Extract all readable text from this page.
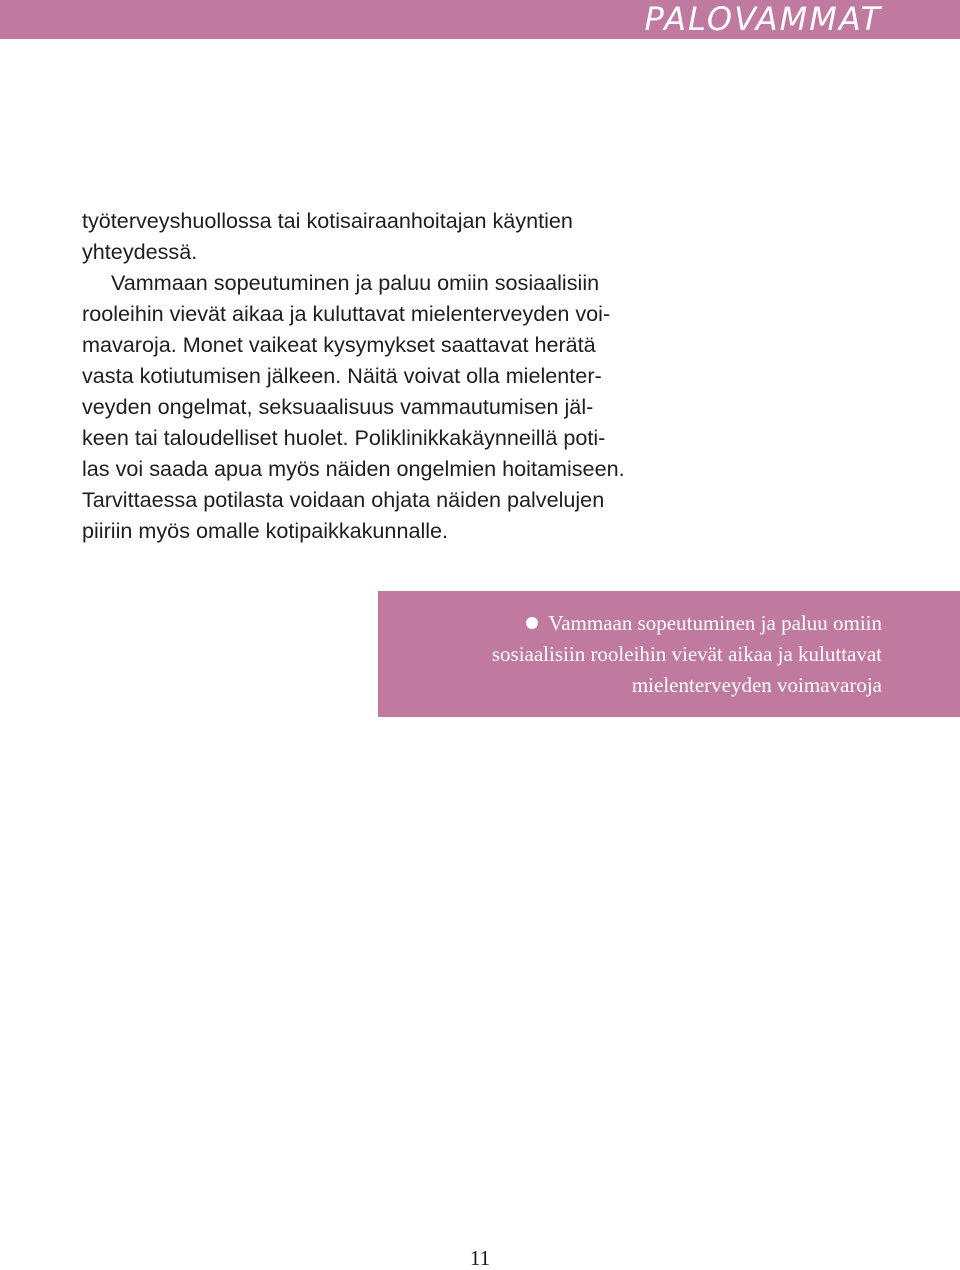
PALOVAMMAT
työterveyshuollossa tai kotisairaanhoitajan käyntien
yhteydessä.
Vammaan sopeutuminen ja paluu omiin sosiaalisiin
rooleihin vievät aikaa ja kuluttavat mielenterveyden voi-
mavaroja. Monet vaikeat kysymykset saattavat herätä
vasta kotiutumisen jälkeen. Näitä voivat olla mielenter-
veyden ongelmat, seksuaalisuus vammautumisen jäl-
keen tai taloudelliset huolet. Poliklinikkakäynneillä poti-
las voi saada apua myös näiden ongelmien hoitamiseen.
Tarvittaessa potilasta voidaan ohjata näiden palvelujen
piiriin myös omalle kotipaikkakunnalle.
Vammaan sopeutuminen ja paluu omiin
sosiaalisiin rooleihin vievät aikaa ja kuluttavat
mielenterveyden voimavaroja
11
